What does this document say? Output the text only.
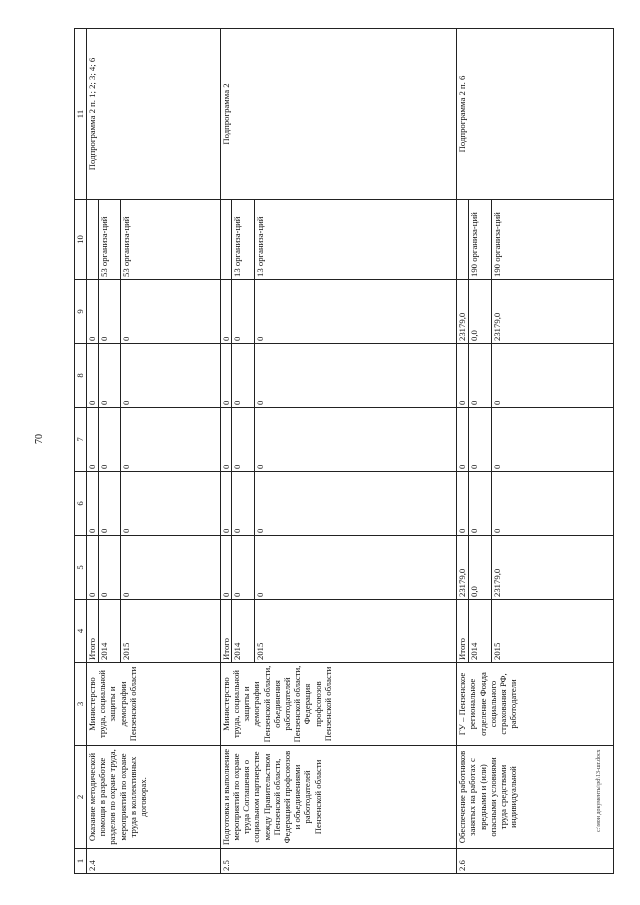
70
c:\мои документы\pd\13-шг.docx
1	2	3	4	5	6	7	8	9	10	11
2.4	Оказание методической помощи в разработке разделов по охране труда, мероприятий по охране труда в коллективных договорах.	Министерство труда, социальной защиты и демографии Пензенской области	Итого	0	0	0	0	0		Подпрограмма 2 п. 1; 2; 3; 4; 6
			2014	0	0	0	0	0	53 организа-ций	
			2015	0	0	0	0	0	53 организа-ций	
2.5	Подготовка и выполнение мероприятий по охране труда Соглашения о социальном партнерстве между Правительством Пензенской области, Федерацией профсоюзов и объединениями работодателей Пензенской области	Министерство труда, социальной защиты и демографии Пензенской области, объединения работодателей Пензенской области, Федерация профсоюзов Пензенской области	Итого	0	0	0	0	0		Подпрограмма 2
			2014	0	0	0	0	0	13 организа-ций	
			2015	0	0	0	0	0	13 организа-ций	
2.6	Обеспечение работников занятых на работах с вредными и (или) опасными условиями труда средствами индивидуальной	ГУ – Пензенское региональное отделение Фонда социального страхования РФ, работодатели	Итого	23179,0	0	0	0	23179,0		Подпрограмма 2 п. 6
			2014	0,0	0	0	0	0,0	190 организа-ций	
			2015	23179,0	0	0	0	23179,0	190 организа-ций	
